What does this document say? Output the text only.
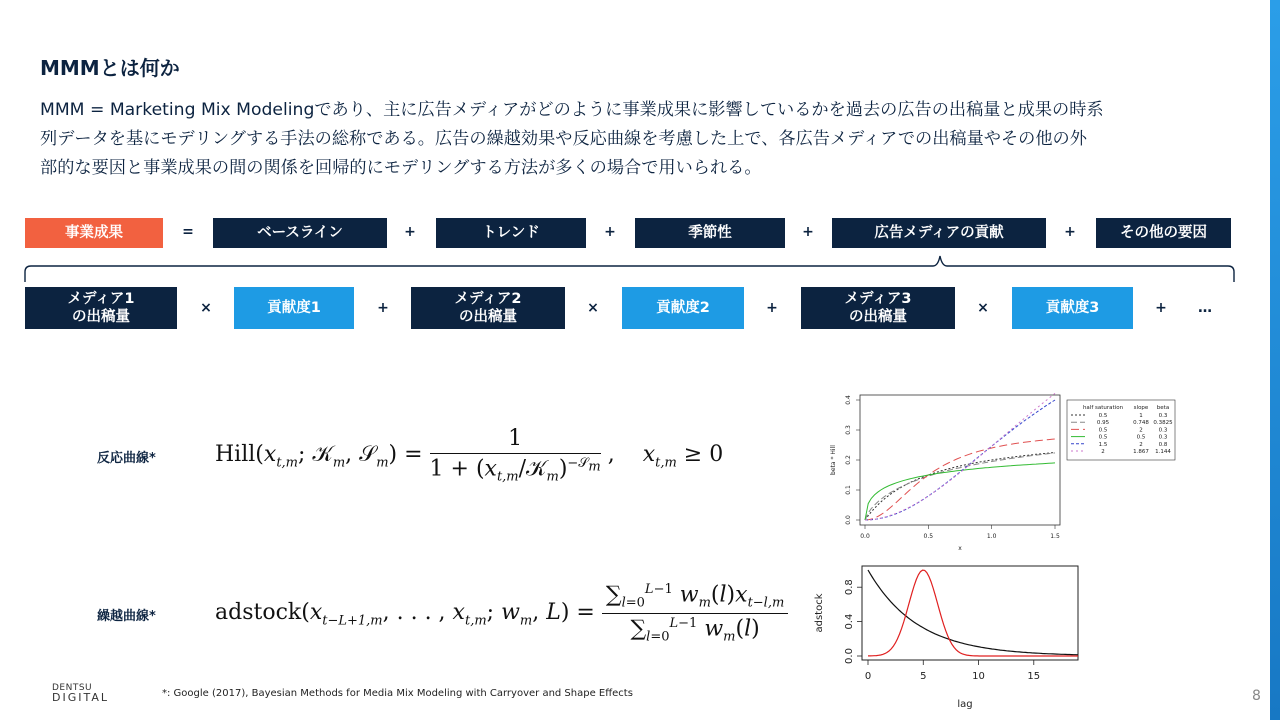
MMMとは何か

MMM = Marketing Mix Modelingであり、主に広告メディアがどのように事業成果に影響しているかを過去の広告の出稿量と成果の時系

列データを基にモデリングする手法の総称である。広告の繰越効果や反応曲線を考慮した上で、各広告メディアでの出稿量やその他の外

部的な要因と事業成果の間の関係を回帰的にモデリングする方法が多くの場合で用いられる。

事業成果	=	ベースライン	+	トレンド	+	季節性	+	広告メディアの貢献	+	その他の要因
メディア1
の出稿量
×	貢献度1	+
メディア2
の出稿量
×	貢献度2	+
メディア3
の出稿量
×	貢献度3	+ …
反応曲線*	$Hill(x_{t,m}$; 𝒦$_m$, 𝒮$_m$) = $\frac{1}{1 + (x_{t,m}/𝒦_m)^{-𝒮_m}}$ ,    $x_{t,m} \ge 0$
繰越曲線*	$adstock(x_{t-L+1,m}$, . . . , $x_{t,m}$; $w_m$, $L) = \frac{\sum_{l=0}^{L-1} w_m(l)x_{t-l,m}}{\sum_{l=0}^{L-1} w_m(l)}$
0.0	0.5	1.0	1.5
0.0
0.1
0.2
0.3
0.4
x
beta * Hill
half saturation slope beta
0.5	1	0.3
0.95	0.748 0.3825
0.5	2	0.3
0.5	0.5 0.3
1.5	2	0.8
2	1.867 1.144
0	5	10	15
0.0
0.4
0.8
lag
adstock
DENTSU
DIGITAL	*: Google (2017), Bayesian Methods for Media Mix Modeling with Carryover and Shape Effects	8
